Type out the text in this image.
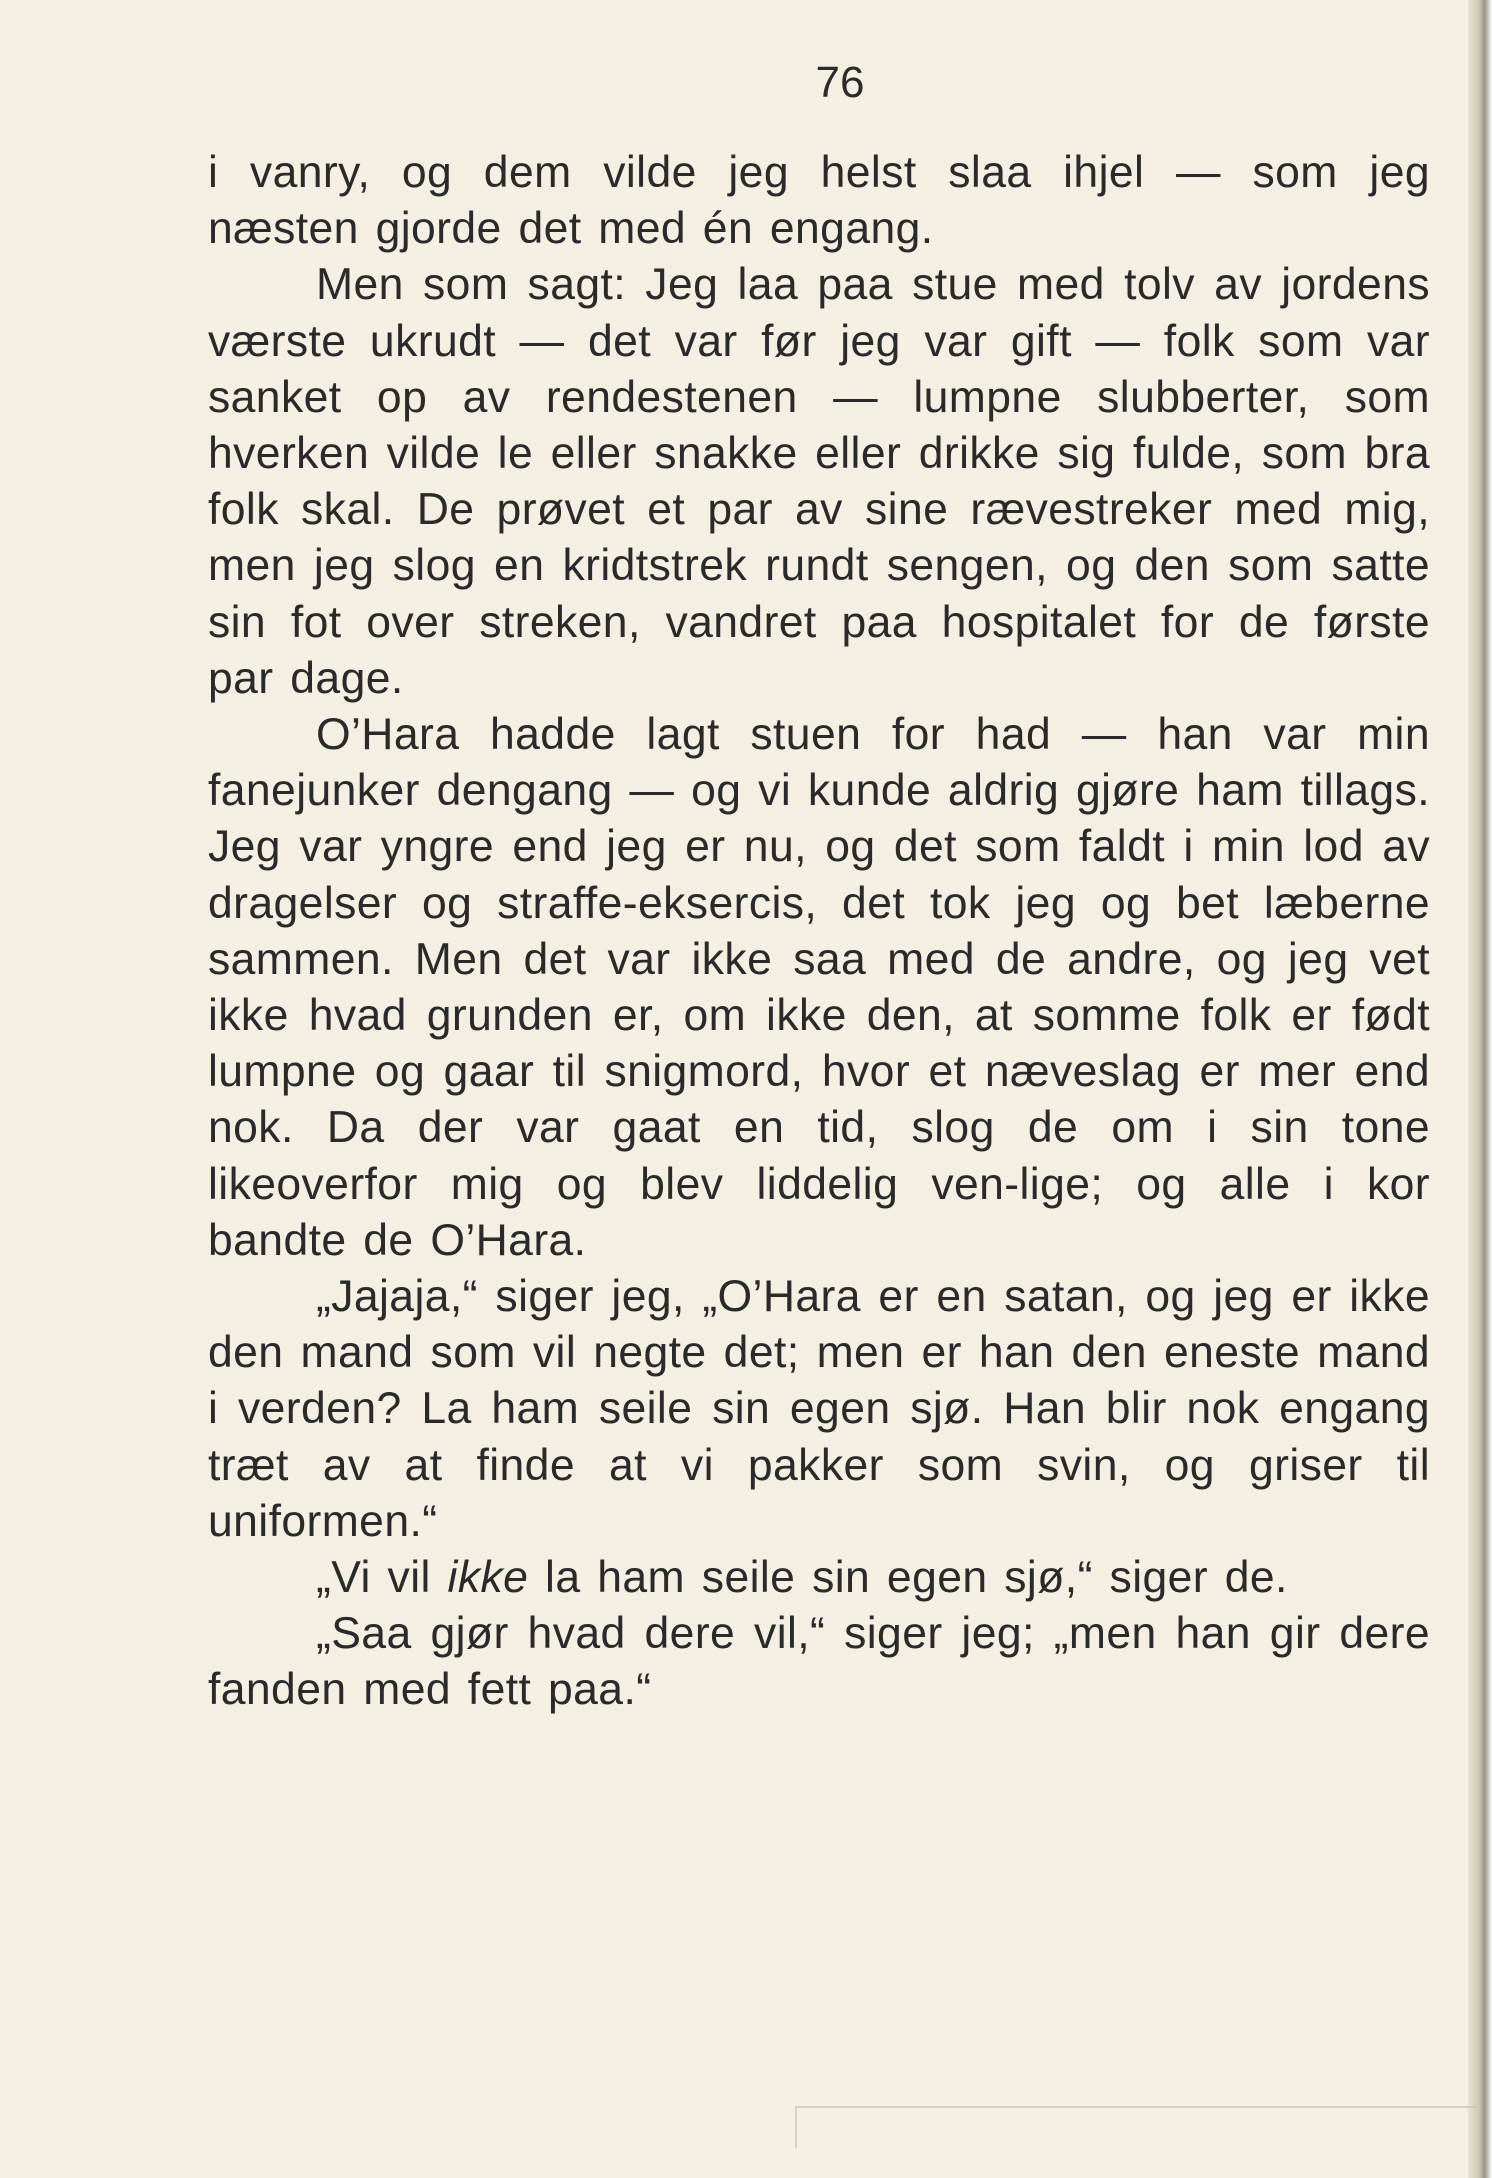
76

i vanry, og dem vilde jeg helst slaa ihjel — som jeg næsten gjorde det med én engang.

Men som sagt: Jeg laa paa stue med tolv av jordens værste ukrudt — det var før jeg var gift — folk som var sanket op av rendestenen — lumpne slubberter, som hverken vilde le eller snakke eller drikke sig fulde, som bra folk skal. De prøvet et par av sine rævestreker med mig, men jeg slog en kridtstrek rundt sengen, og den som satte sin fot over streken, vandret paa hospitalet for de første par dage.

O’Hara hadde lagt stuen for had — han var min fanejunker dengang — og vi kunde aldrig gjøre ham tillags. Jeg var yngre end jeg er nu, og det som faldt i min lod av dragelser og straffe-eksercis, det tok jeg og bet læberne sammen. Men det var ikke saa med de andre, og jeg vet ikke hvad grunden er, om ikke den, at somme folk er født lumpne og gaar til snigmord, hvor et næveslag er mer end nok. Da der var gaat en tid, slog de om i sin tone likeoverfor mig og blev liddelig ven-lige; og alle i kor bandte de O’Hara.

„Jajaja,“ siger jeg, „O’Hara er en satan, og jeg er ikke den mand som vil negte det; men er han den eneste mand i verden? La ham seile sin egen sjø. Han blir nok engang træt av at finde at vi pakker som svin, og griser til uniformen.“

„Vi vil ikke la ham seile sin egen sjø,“ siger de.

„Saa gjør hvad dere vil,“ siger jeg; „men han gir dere fanden med fett paa.“
